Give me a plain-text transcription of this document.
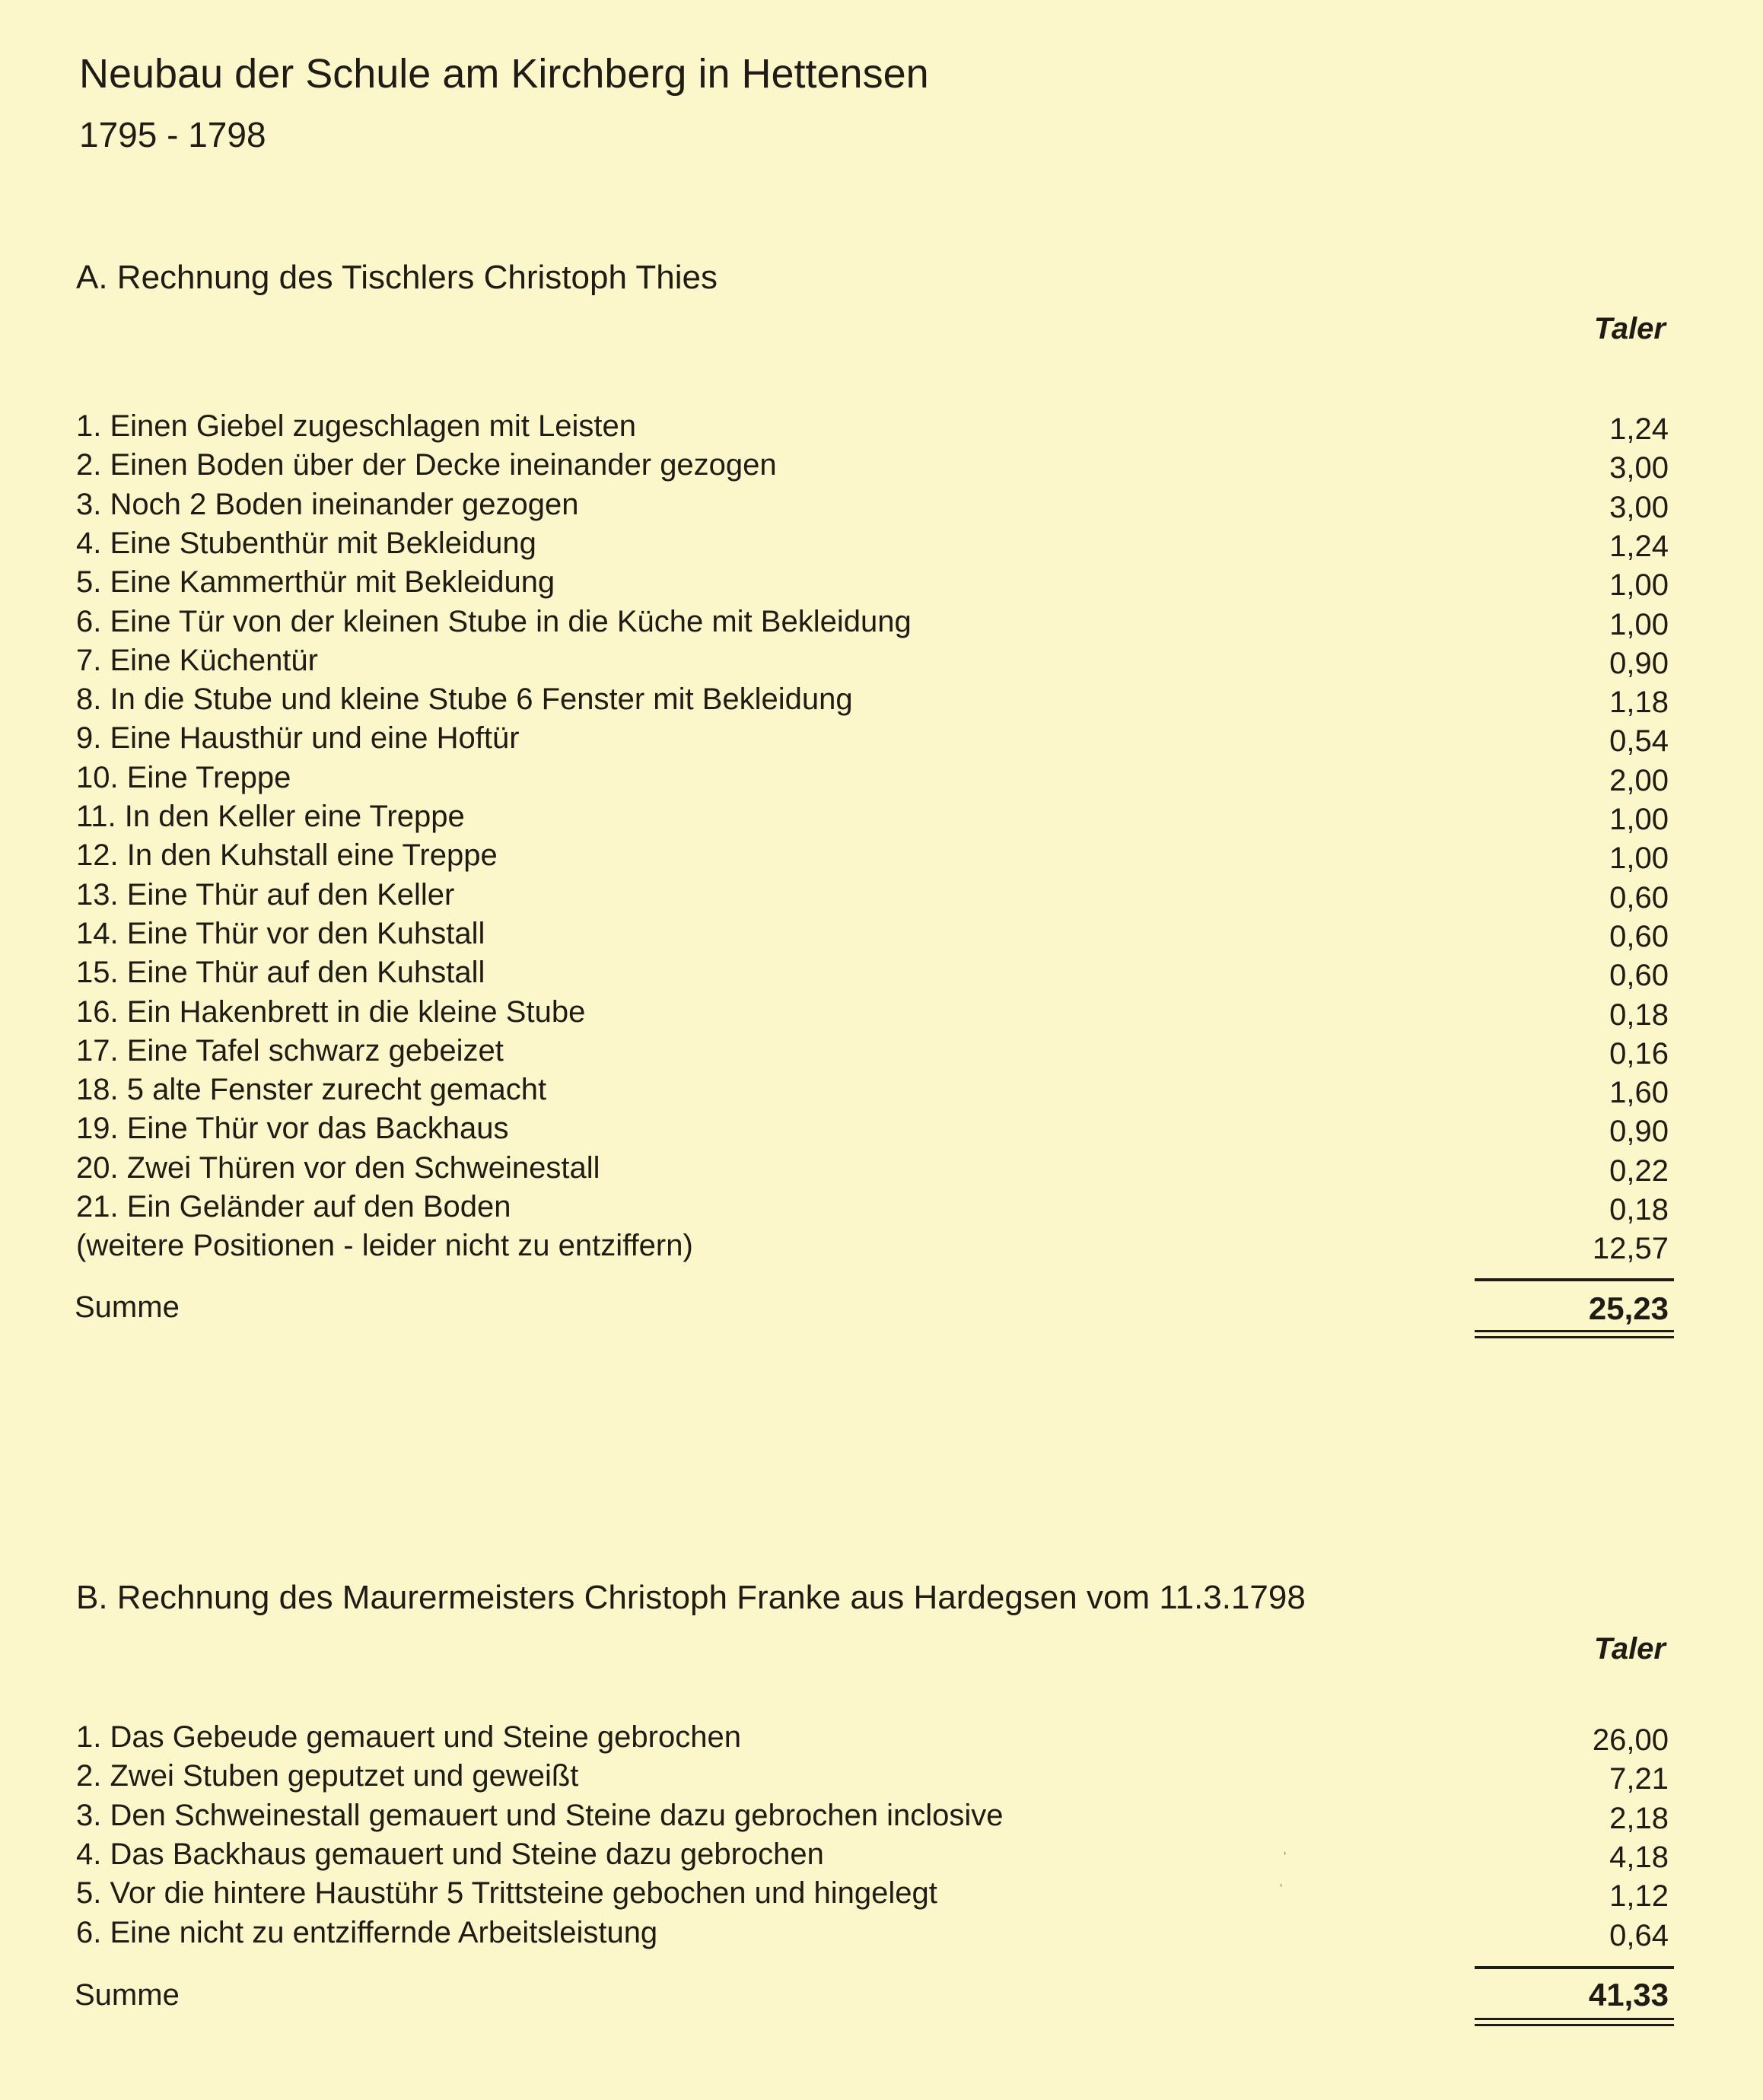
Neubau der Schule am Kirchberg in Hettensen
1795 - 1798
A. Rechnung des Tischlers Christoph Thies
Taler
1. Einen Giebel zugeschlagen mit Leisten	1,24
2. Einen Boden über der Decke ineinander gezogen	3,00
3. Noch 2 Boden ineinander gezogen	3,00
4. Eine Stubenthür mit Bekleidung	1,24
5. Eine Kammerthür mit Bekleidung	1,00
6. Eine Tür von der kleinen Stube in die Küche mit Bekleidung	1,00
7. Eine Küchentür	0,90
8. In die Stube und kleine Stube 6 Fenster mit Bekleidung	1,18
9. Eine Hausthür und eine Hoftür	0,54
10. Eine Treppe	2,00
11. In den Keller eine Treppe	1,00
12. In den Kuhstall eine Treppe	1,00
13. Eine Thür auf den Keller	0,60
14. Eine Thür vor den Kuhstall	0,60
15. Eine Thür auf den Kuhstall	0,60
16. Ein Hakenbrett in die kleine Stube	0,18
17. Eine Tafel schwarz gebeizet	0,16
18. 5 alte Fenster zurecht gemacht	1,60
19. Eine Thür vor das Backhaus	0,90
20. Zwei Thüren vor den Schweinestall	0,22
21. Ein Geländer auf den Boden	0,18
(weitere Positionen - leider nicht zu entziffern)	12,57
Summe	25,23
B. Rechnung des Maurermeisters Christoph Franke aus Hardegsen vom 11.3.1798
Taler
1. Das Gebeude gemauert und Steine gebrochen	26,00
2. Zwei Stuben geputzet und geweißt	7,21
3. Den Schweinestall gemauert und Steine dazu gebrochen inclosive	2,18
4. Das Backhaus gemauert und Steine dazu gebrochen	4,18
5. Vor die hintere Haustühr 5 Trittsteine gebochen und hingelegt	1,12
6. Eine nicht zu entziffernde Arbeitsleistung	0,64
Summe	41,33
ˈ
ˌ
